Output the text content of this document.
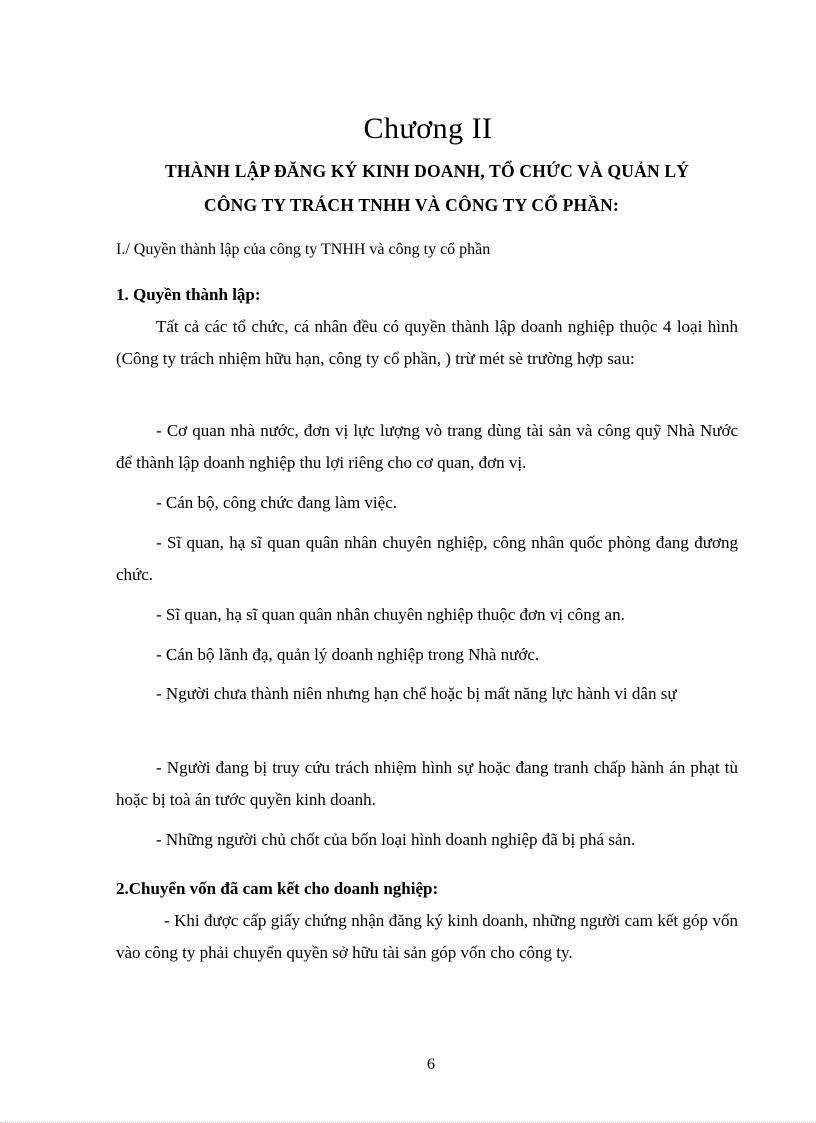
Chương II
THÀNH LẬP ĐĂNG KÝ KINH DOANH, TỔ CHỨC VÀ QUẢN LÝ
CÔNG TY TRÁCH TNHH VÀ CÔNG TY CỔ PHẦN:
I./ Quyền thành lập của công ty TNHH và công ty cổ phần
1. Quyền thành lập:
Tất cả các tổ chức, cá nhân đều có quyền thành lập doanh nghiệp thuộc 4 loại hình (Công ty trách nhiệm hữu hạn, công ty cổ phần, ) trừ mét sè trường hợp sau:
- Cơ quan nhà nước, đơn vị lực lượng vò trang dùng tài sản và công quỹ Nhà Nước để thành lập doanh nghiệp thu lợi riêng cho cơ quan, đơn vị.
- Cán bộ, công chức đang làm việc.
- Sĩ quan, hạ sĩ quan quân nhân chuyên nghiệp, công nhân quốc phòng đang đương chức.
- Sĩ quan, hạ sĩ quan quân nhân chuyên nghiệp thuộc đơn vị công an.
- Cán bộ lãnh đạ, quản lý doanh nghiệp trong Nhà nước.
- Người chưa thành niên nhưng hạn chế hoặc bị mất năng lực hành vi dân sự
- Người đang bị truy cứu trách nhiệm hình sự hoặc đang tranh chấp hành án phạt tù hoặc bị toà án tước quyền kinh doanh.
- Những người chủ chốt của bốn loại hình doanh nghiệp đã bị phá sản.
2.Chuyển vốn đã cam kết cho doanh nghiệp:
- Khi được cấp giấy chứng nhận đăng ký kinh doanh, những người cam kết góp vốn vào công ty phải chuyển quyền sở hữu tài sản góp vốn cho công ty.
6
